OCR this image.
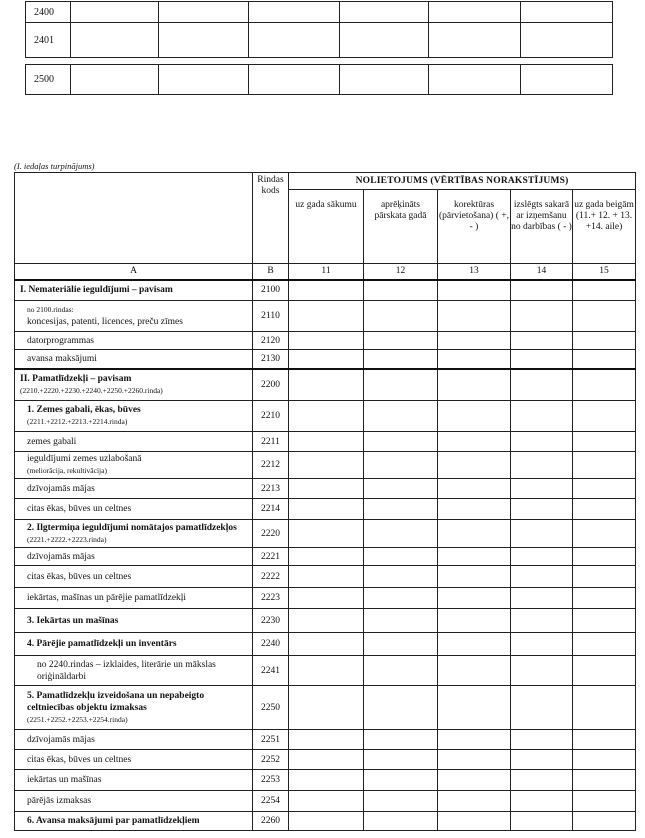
2400						
2401						
2500						
(I. iedaļas turpinājums)
	Rindas kods	NOLIETOJUMS (VĒRTĪBAS NORAKSTĪJUMS)				
		uz gada sākumu	aprēķināts pārskata gadā	korektūras (pārvietošana) ( +, - )	izslēgts sakarā ar izņemšanu no darbības ( - )	uz gada beigām (11.+ 12. + 13. +14. aile)
A	B	11	12	13	14	15
I. Nemateriālie ieguldījumi – pavisam	2100					

no 2100.rindas:
koncesijas, patenti, licences, preču zīmes	2110					
datorprogrammas	2120					
avansa maksājumi	2130					
II. Pamatlīdzekļi – pavisam
(2210.+2220.+2230.+2240.+2250.+2260.rinda)	2200					
1. Zemes gabali, ēkas, būves
(2211.+2212.+2213.+2214.rinda)	2210					
zemes gabali	2211					
ieguldījumi zemes uzlabošanā
(meliorācija, rekultivācija)	2212					
dzīvojamās mājas	2213					
citas ēkas, būves un celtnes	2214					
2. Ilgtermiņa ieguldījumi nomātajos pamatlīdzekļos (2221.+2222.+2223.rinda)	2220					
dzīvojamās mājas	2221					
citas ēkas, būves un celtnes	2222					
iekārtas, mašīnas un pārējie pamatlīdzekļi	2223					
3. Iekārtas un mašīnas	2230					
4. Pārējie pamatlīdzekļi un inventārs	2240					
no 2240.rindas – izklaides, literārie un mākslas oriģināldarbi	2241					
5. Pamatlīdzekļu izveidošana un nepabeigto celtniecības objektu izmaksas
(2251.+2252.+2253.+2254.rinda)	2250					
dzīvojamās mājas	2251					
citas ēkas, būves un celtnes	2252					
iekārtas un mašīnas	2253					
pārējās izmaksas	2254					
6. Avansa maksājumi par pamatlīdzekļiem	2260					
